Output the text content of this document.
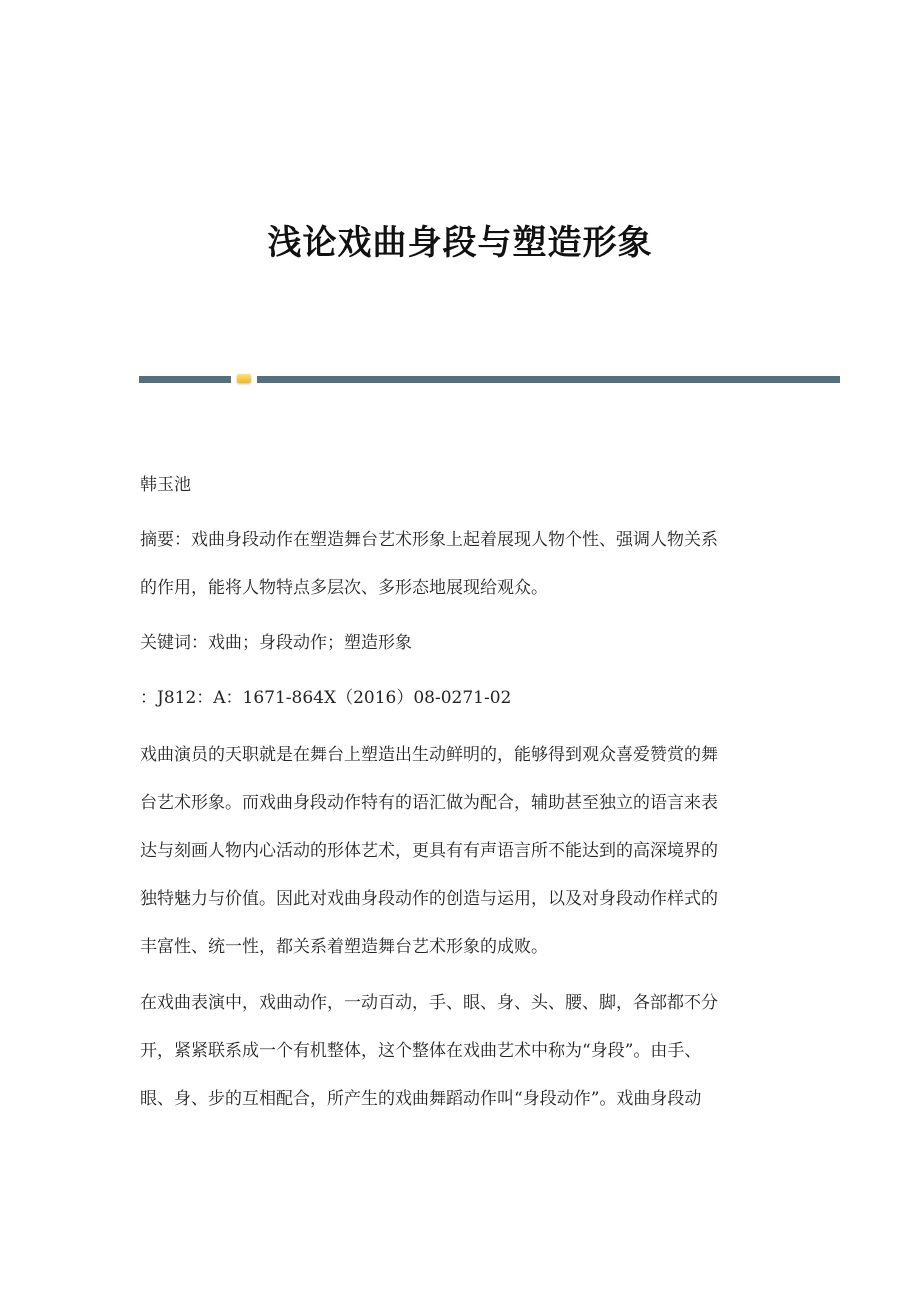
浅论戏曲身段与塑造形象
韩玉池
摘要：戏曲身段动作在塑造舞台艺术形象上起着展现人物个性、强调人物关系
的作用，能将人物特点多层次、多形态地展现给观众。
关键词：戏曲；身段动作；塑造形象
：J812：A：1671-864X（2016）08-0271-02
戏曲演员的天职就是在舞台上塑造出生动鲜明的，能够得到观众喜爱赞赏的舞
台艺术形象。而戏曲身段动作特有的语汇做为配合，辅助甚至独立的语言来表
达与刻画人物内心活动的形体艺术，更具有有声语言所不能达到的高深境界的
独特魅力与价值。因此对戏曲身段动作的创造与运用，以及对身段动作样式的
丰富性、统一性，都关系着塑造舞台艺术形象的成败。
在戏曲表演中，戏曲动作，一动百动，手、眼、身、头、腰、脚，各部都不分
开，紧紧联系成一个有机整体，这个整体在戏曲艺术中称为“身段”。由手、
眼、身、步的互相配合，所产生的戏曲舞蹈动作叫“身段动作”。戏曲身段动
